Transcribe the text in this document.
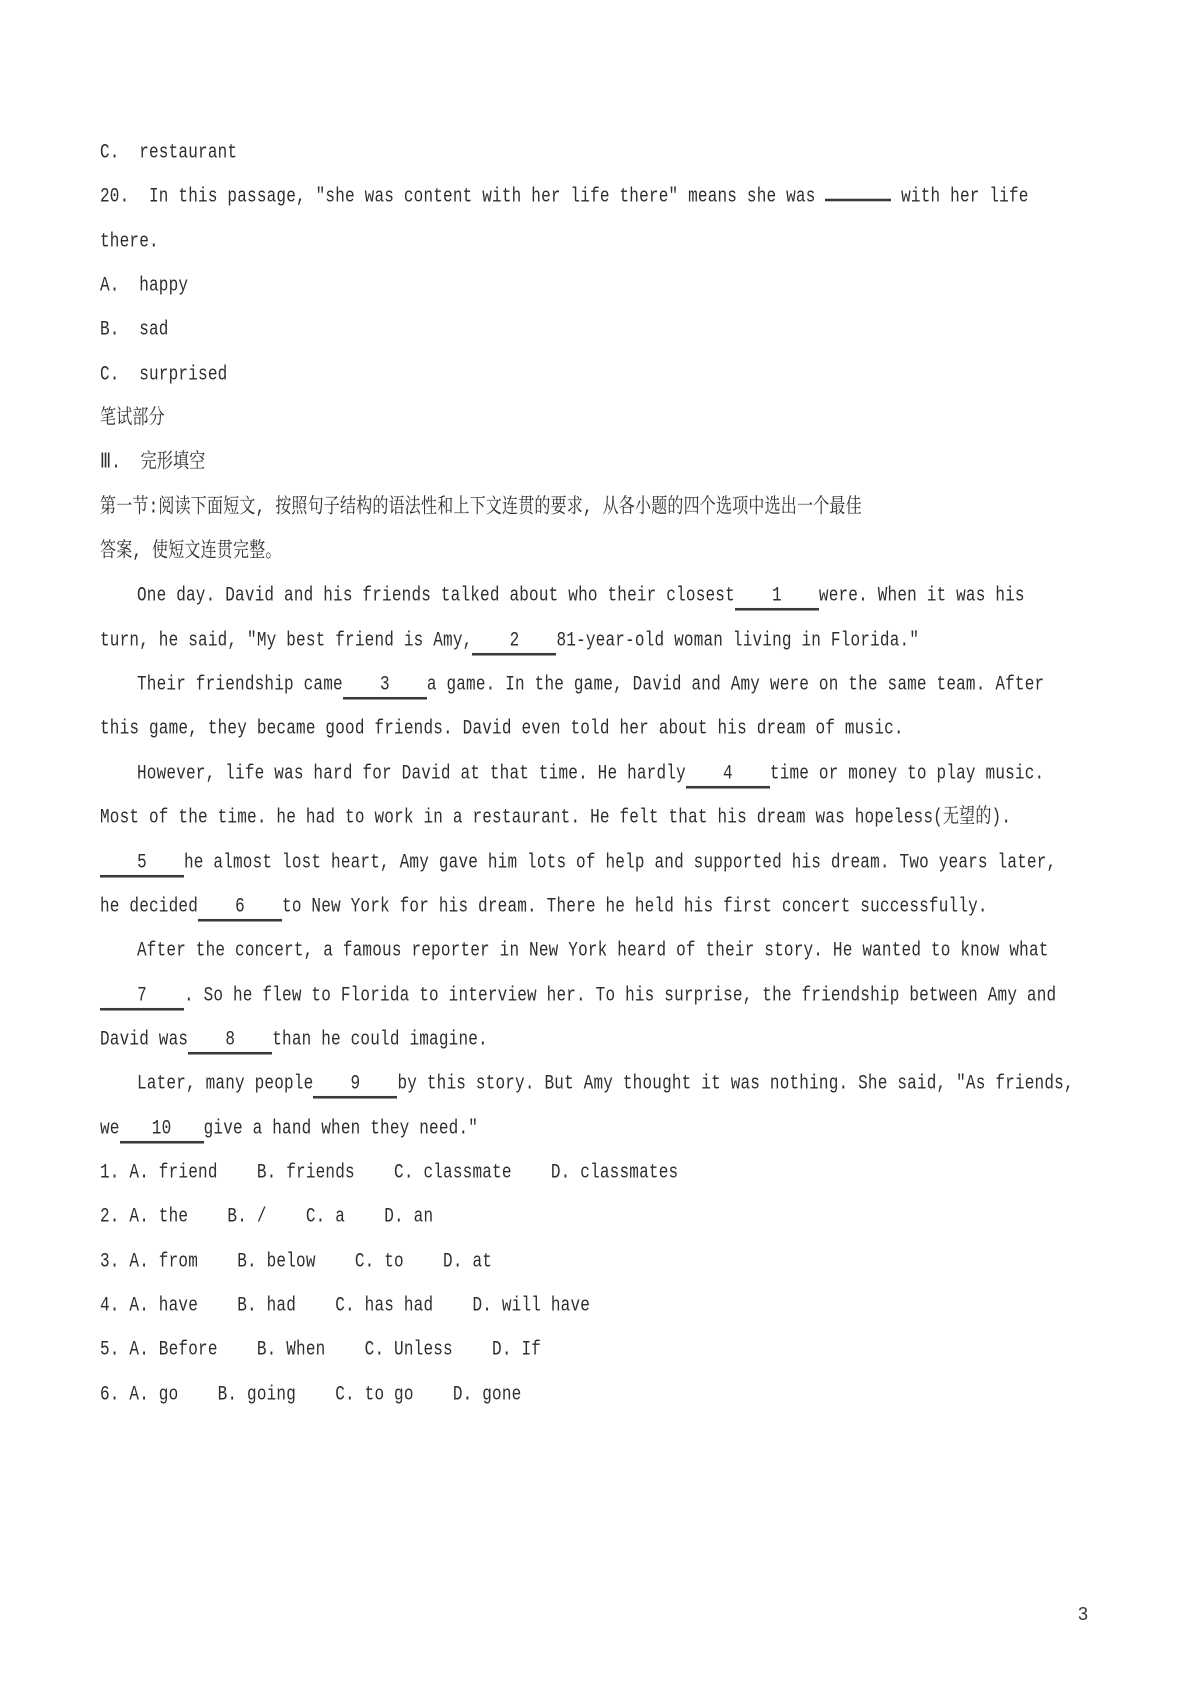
C.  restaurant
20.  In this passage, "she was content with her life there" means she was	with her life
there.
A.  happy
B.  sad
C.  surprised
笔试部分
Ⅲ.  完形填空
第一节:阅读下面短文, 按照句子结构的语法性和上下文连贯的要求, 从各小题的四个选项中选出一个最佳
答案, 使短文连贯完整。
One day. David and his friends talked about who their closest 1 were. When it was his
turn, he said, "My best friend is Amy, 2 81-year-old woman living in Florida."
Their friendship came 3 a game. In the game, David and Amy were on the same team. After
this game, they became good friends. David even told her about his dream of music.
However, life was hard for David at that time. He hardly 4 time or money to play music.
Most of the time. he had to work in a restaurant. He felt that his dream was hopeless(无望的).
5 he almost lost heart, Amy gave him lots of help and supported his dream. Two years later,
he decided 6 to New York for his dream. There he held his first concert successfully.
After the concert, a famous reporter in New York heard of their story. He wanted to know what
7 . So he flew to Florida to interview her. To his surprise, the friendship between Amy and
David was 8 than he could imagine.
Later, many people 9 by this story. But Amy thought it was nothing. She said, "As friends,
we 10 give a hand when they need."
1. A. friend    B. friends    C. classmate    D. classmates
2. A. the    B. /    C. a    D. an
3. A. from    B. below    C. to    D. at
4. A. have    B. had    C. has had    D. will have
5. A. Before    B. When    C. Unless    D. If
6. A. go    B. going    C. to go    D. gone
3
